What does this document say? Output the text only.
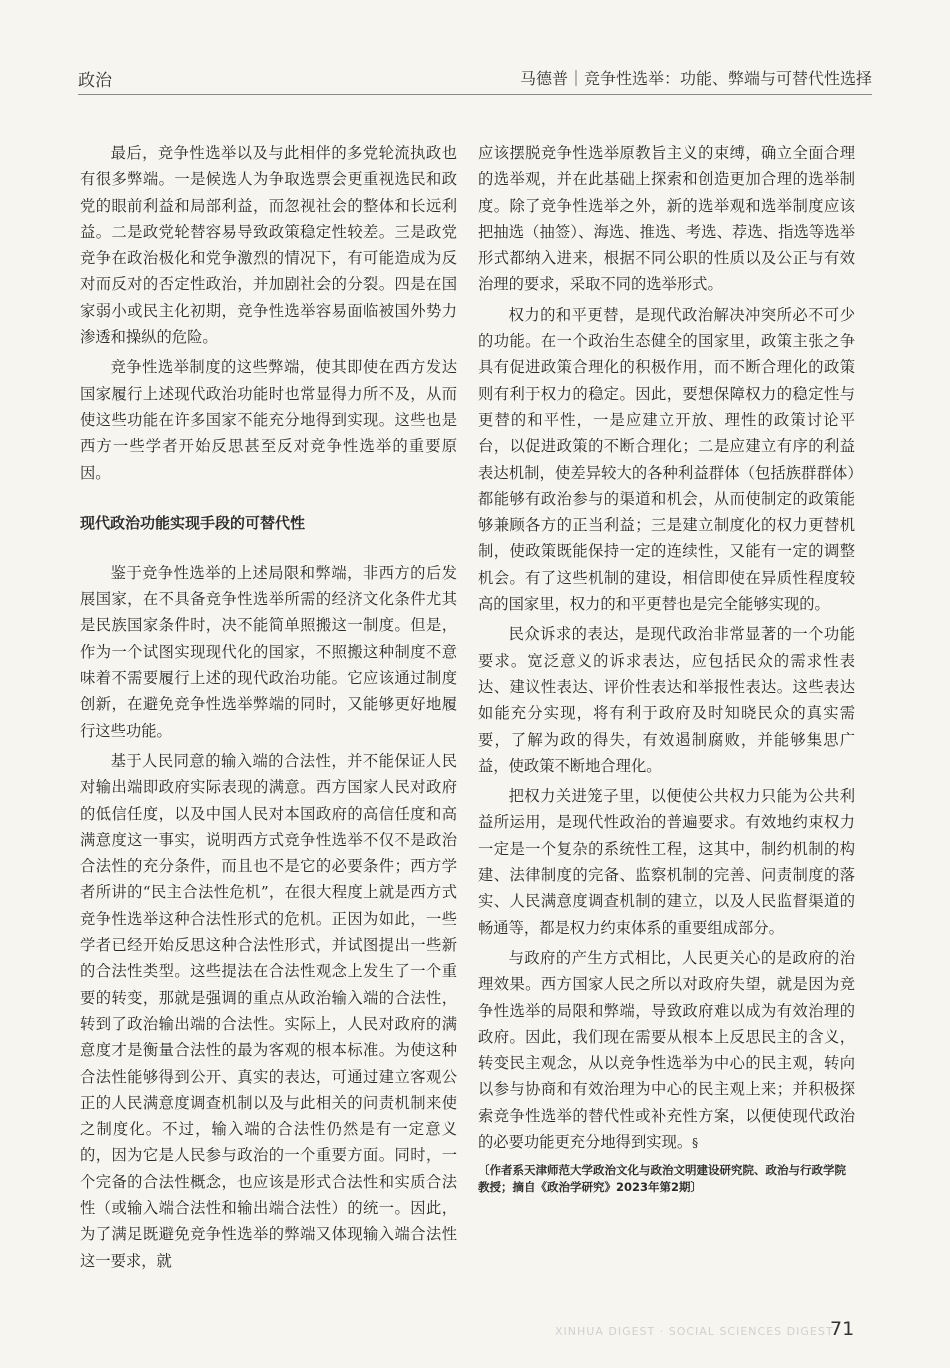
政治	马德普｜竞争性选举：功能、弊端与可替代性选择

最后，竞争性选举以及与此相伴的多党轮流执政也有很多弊端。一是候选人为争取选票会更重视选民和政党的眼前利益和局部利益，而忽视社会的整体和长远利益。二是政党轮替容易导致政策稳定性较差。三是政党竞争在政治极化和党争激烈的情况下，有可能造成为反对而反对的否定性政治，并加剧社会的分裂。四是在国家弱小或民主化初期，竞争性选举容易面临被国外势力渗透和操纵的危险。

竞争性选举制度的这些弊端，使其即使在西方发达国家履行上述现代政治功能时也常显得力所不及，从而使这些功能在许多国家不能充分地得到实现。这些也是西方一些学者开始反思甚至反对竞争性选举的重要原因。

现代政治功能实现手段的可替代性

鉴于竞争性选举的上述局限和弊端，非西方的后发展国家，在不具备竞争性选举所需的经济文化条件尤其是民族国家条件时，决不能简单照搬这一制度。但是，作为一个试图实现现代化的国家，不照搬这种制度不意味着不需要履行上述的现代政治功能。它应该通过制度创新，在避免竞争性选举弊端的同时，又能够更好地履行这些功能。

基于人民同意的输入端的合法性，并不能保证人民对输出端即政府实际表现的满意。西方国家人民对政府的低信任度，以及中国人民对本国政府的高信任度和高满意度这一事实，说明西方式竞争性选举不仅不是政治合法性的充分条件，而且也不是它的必要条件；西方学者所讲的“民主合法性危机”，在很大程度上就是西方式竞争性选举这种合法性形式的危机。正因为如此，一些学者已经开始反思这种合法性形式，并试图提出一些新的合法性类型。这些提法在合法性观念上发生了一个重要的转变，那就是强调的重点从政治输入端的合法性，转到了政治输出端的合法性。实际上，人民对政府的满意度才是衡量合法性的最为客观的根本标准。为使这种合法性能够得到公开、真实的表达，可通过建立客观公正的人民满意度调查机制以及与此相关的问责机制来使之制度化。不过，输入端的合法性仍然是有一定意义的，因为它是人民参与政治的一个重要方面。同时，一个完备的合法性概念，也应该是形式合法性和实质合法性（或输入端合法性和输出端合法性）的统一。因此，为了满足既避免竞争性选举的弊端又体现输入端合法性这一要求，就

应该摆脱竞争性选举原教旨主义的束缚，确立全面合理的选举观，并在此基础上探索和创造更加合理的选举制度。除了竞争性选举之外，新的选举观和选举制度应该把抽选（抽签）、海选、推选、考选、荐选、指选等选举形式都纳入进来，根据不同公职的性质以及公正与有效治理的要求，采取不同的选举形式。

权力的和平更替，是现代政治解决冲突所必不可少的功能。在一个政治生态健全的国家里，政策主张之争具有促进政策合理化的积极作用，而不断合理化的政策则有利于权力的稳定。因此，要想保障权力的稳定性与更替的和平性，一是应建立开放、理性的政策讨论平台，以促进政策的不断合理化；二是应建立有序的利益表达机制，使差异较大的各种利益群体（包括族群群体）都能够有政治参与的渠道和机会，从而使制定的政策能够兼顾各方的正当利益；三是建立制度化的权力更替机制，使政策既能保持一定的连续性，又能有一定的调整机会。有了这些机制的建设，相信即使在异质性程度较高的国家里，权力的和平更替也是完全能够实现的。

民众诉求的表达，是现代政治非常显著的一个功能要求。宽泛意义的诉求表达，应包括民众的需求性表达、建议性表达、评价性表达和举报性表达。这些表达如能充分实现，将有利于政府及时知晓民众的真实需要，了解为政的得失，有效遏制腐败，并能够集思广益，使政策不断地合理化。

把权力关进笼子里，以便使公共权力只能为公共利益所运用，是现代性政治的普遍要求。有效地约束权力一定是一个复杂的系统性工程，这其中，制约机制的构建、法律制度的完备、监察机制的完善、问责制度的落实、人民满意度调查机制的建立，以及人民监督渠道的畅通等，都是权力约束体系的重要组成部分。

与政府的产生方式相比，人民更关心的是政府的治理效果。西方国家人民之所以对政府失望，就是因为竞争性选举的局限和弊端，导致政府难以成为有效治理的政府。因此，我们现在需要从根本上反思民主的含义，转变民主观念，从以竞争性选举为中心的民主观，转向以参与协商和有效治理为中心的民主观上来；并积极探索竞争性选举的替代性或补充性方案，以便使现代政治的必要功能更充分地得到实现。§

〔作者系天津师范大学政治文化与政治文明建设研究院、政治与行政学院教授；摘自《政治学研究》2023年第2期〕
XINHUA DIGEST · SOCIAL SCIENCES DIGEST
71
